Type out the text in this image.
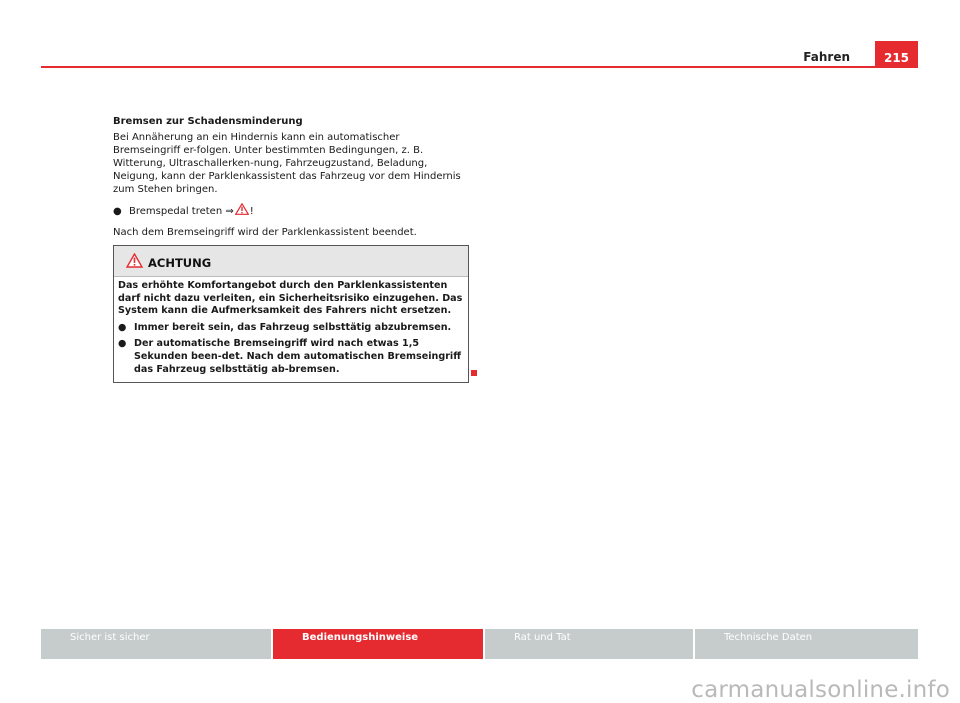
Fahren	215

Bremsen zur Schadensminderung

Bei Annäherung an ein Hindernis kann ein automatischer Bremseingriff er-folgen. Unter bestimmten Bedingungen, z. B. Witterung, Ultraschallerken-nung, Fahrzeugzustand, Beladung, Neigung, kann der Parklenkassistent das Fahrzeug vor dem Hindernis zum Stehen bringen.

● Bremspedal treten ⇒ !

Nach dem Bremseingriff wird der Parklenkassistent beendet.

ACHTUNG

Das erhöhte Komfortangebot durch den Parklenkassistenten darf nicht dazu verleiten, ein Sicherheitsrisiko einzugehen. Das System kann die Aufmerksamkeit des Fahrers nicht ersetzen.

● Immer bereit sein, das Fahrzeug selbsttätig abzubremsen.

● Der automatische Bremseingriff wird nach etwas 1,5 Sekunden been-det. Nach dem automatischen Bremseingriff das Fahrzeug selbsttätig ab-bremsen.

Sicher ist sicher	Bedienungshinweise	Rat und Tat	Technische Daten
carmanualsonline.info
